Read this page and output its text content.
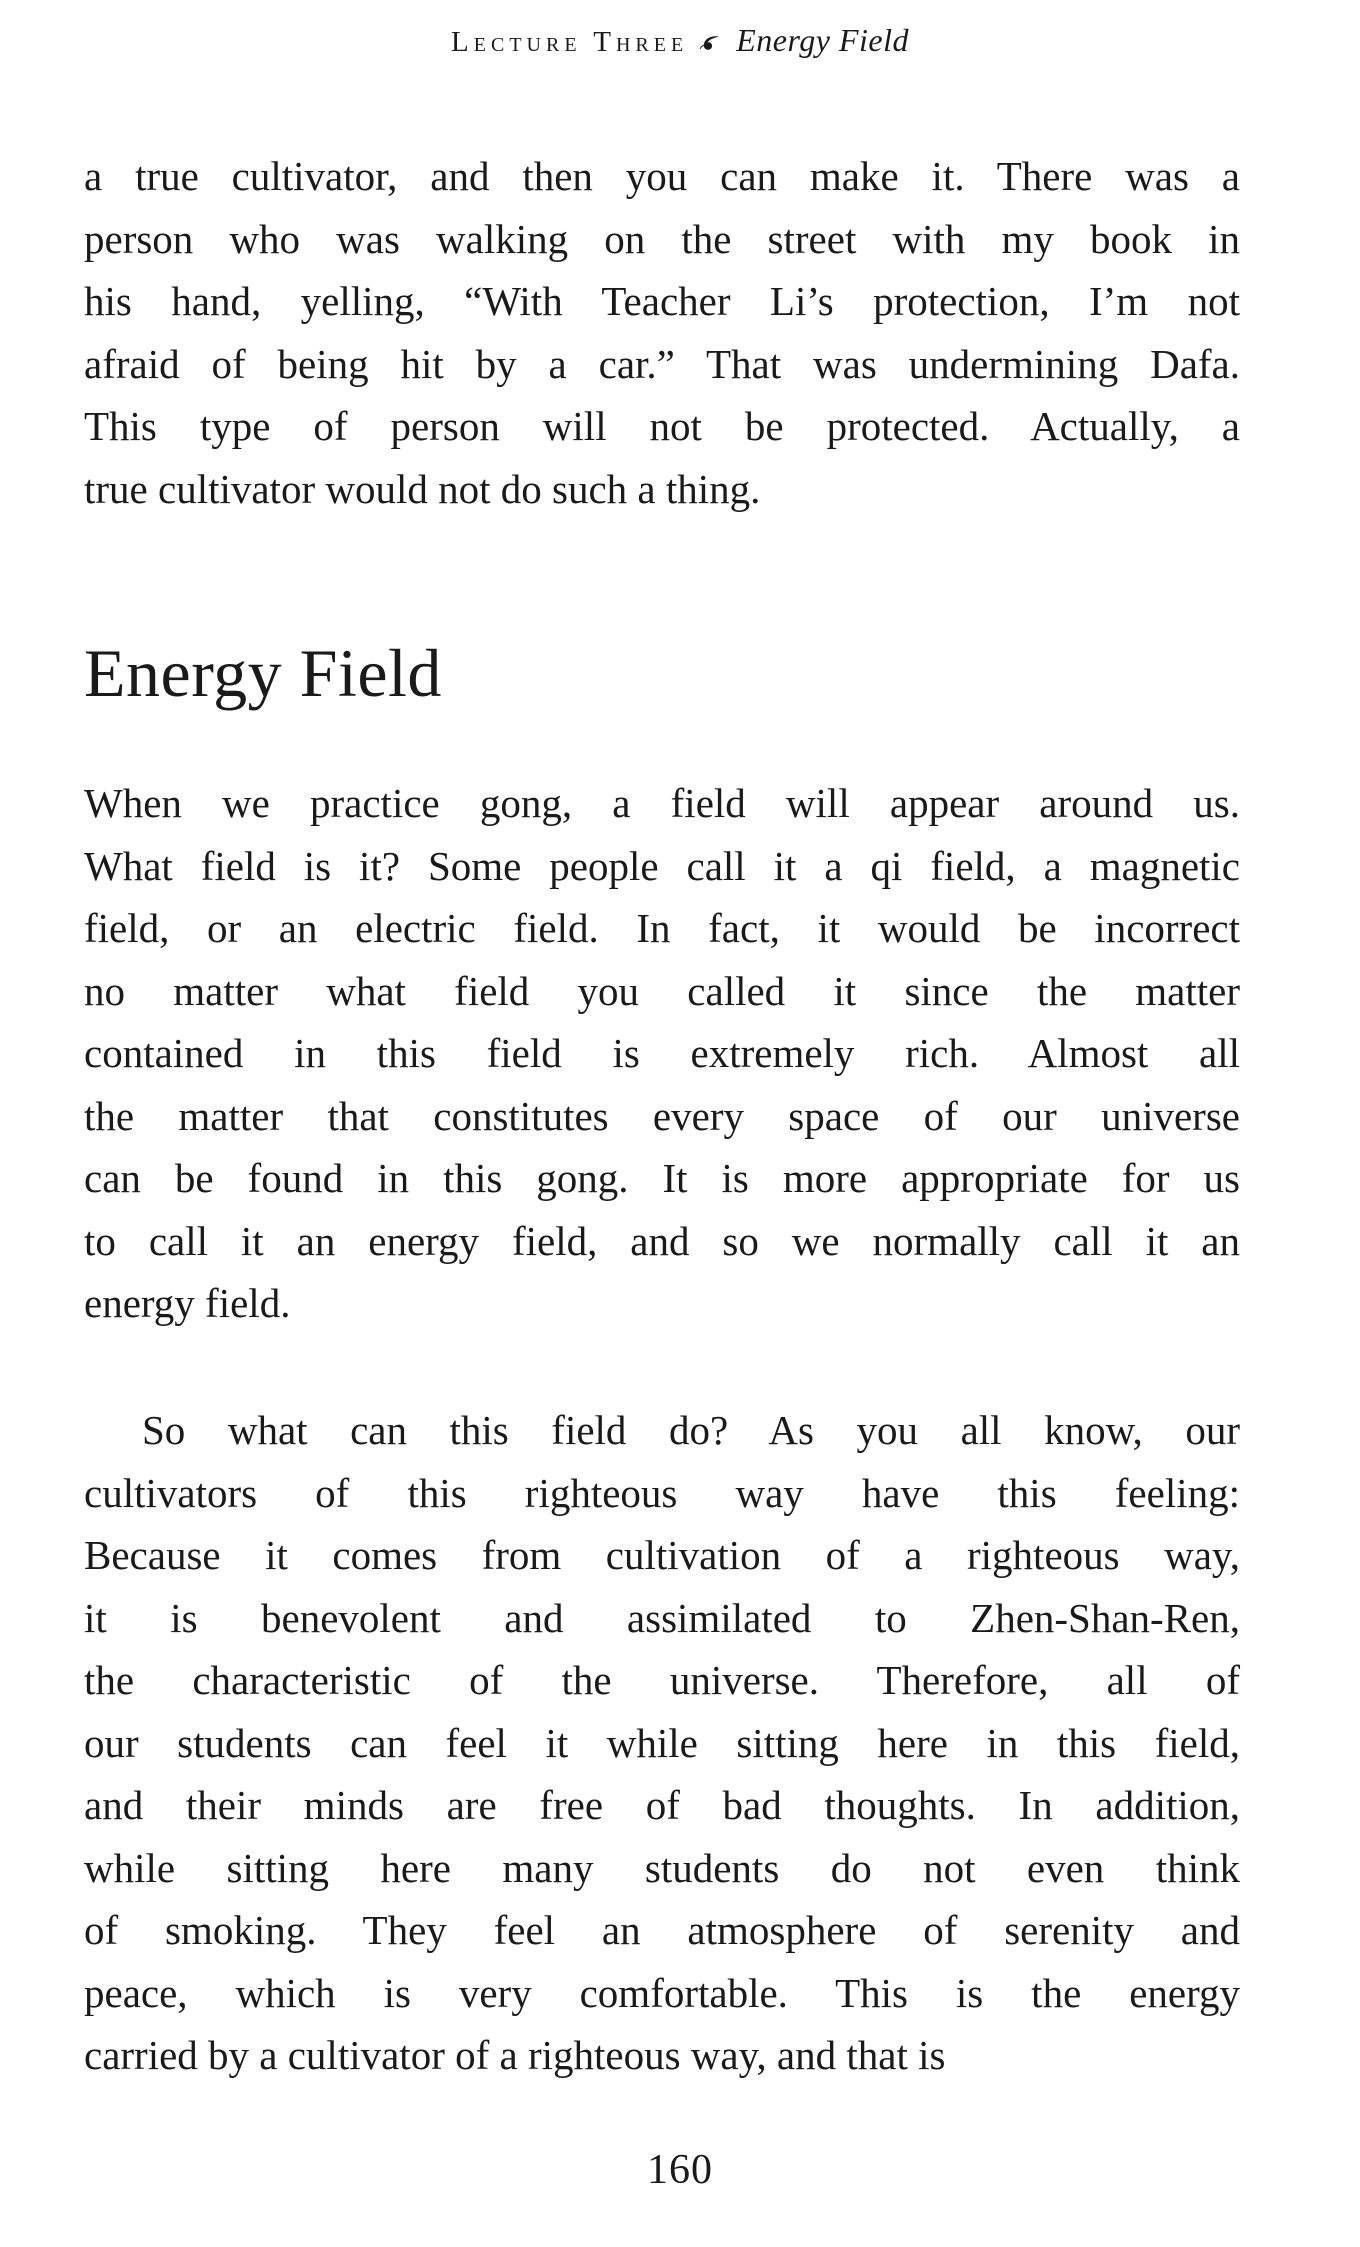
Lecture Three Energy Field
a true cultivator, and then you can make it. There was a
person who was walking on the street with my book in
his hand, yelling, “With Teacher Li’s protection, I’m not
afraid of being hit by a car.” That was undermining Dafa.
This type of person will not be protected. Actually, a
true cultivator would not do such a thing.
Energy Field
When we practice gong, a field will appear around us.
What field is it? Some people call it a qi field, a magnetic
field, or an electric field. In fact, it would be incorrect
no matter what field you called it since the matter
contained in this field is extremely rich. Almost all
the matter that constitutes every space of our universe
can be found in this gong. It is more appropriate for us
to call it an energy field, and so we normally call it an
energy field.
So what can this field do? As you all know, our
cultivators of this righteous way have this feeling:
Because it comes from cultivation of a righteous way,
it is benevolent and assimilated to Zhen-Shan-Ren,
the characteristic of the universe. Therefore, all of
our students can feel it while sitting here in this field,
and their minds are free of bad thoughts. In addition,
while sitting here many students do not even think
of smoking. They feel an atmosphere of serenity and
peace, which is very comfortable. This is the energy
carried by a cultivator of a righteous way, and that is
160
